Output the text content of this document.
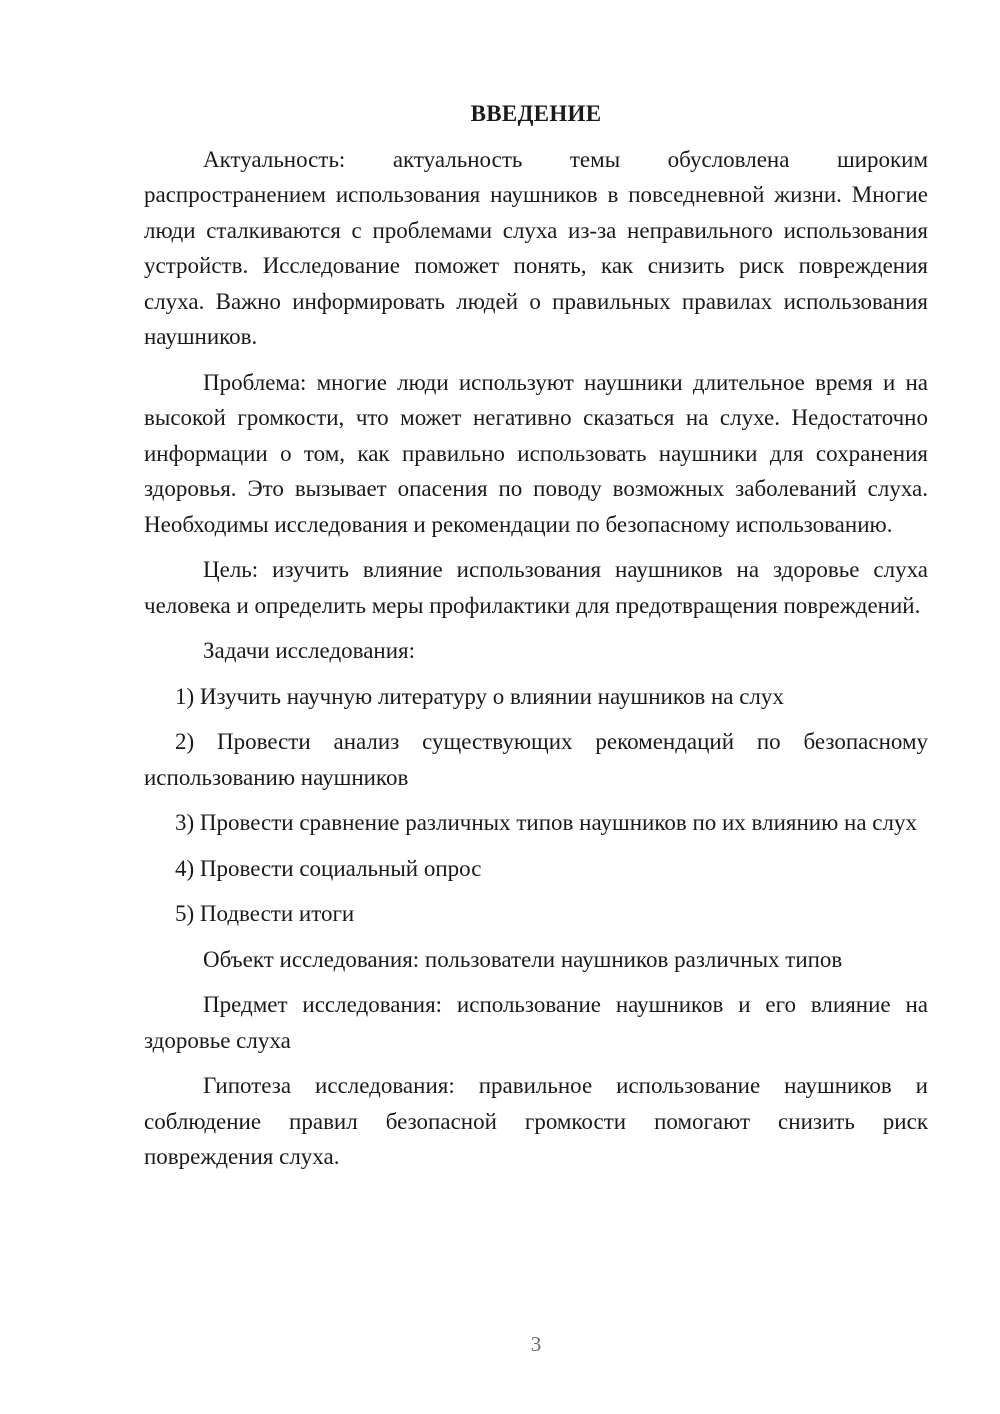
ВВЕДЕНИЕ

Актуальность: актуальность темы обусловлена широким распространением использования наушников в повседневной жизни. Многие люди сталкиваются с проблемами слуха из-за неправильного использования устройств. Исследование поможет понять, как снизить риск повреждения слуха. Важно информировать людей о правильных правилах использования наушников.

Проблема: многие люди используют наушники длительное время и на высокой громкости, что может негативно сказаться на слухе. Недостаточно информации о том, как правильно использовать наушники для сохранения здоровья. Это вызывает опасения по поводу возможных заболеваний слуха. Необходимы исследования и рекомендации по безопасному использованию.

Цель: изучить влияние использования наушников на здоровье слуха человека и определить меры профилактики для предотвращения повреждений.

Задачи исследования:

1) Изучить научную литературу о влиянии наушников на слух

2) Провести анализ существующих рекомендаций по безопасному использованию наушников

3) Провести сравнение различных типов наушников по их влиянию на слух

4) Провести социальный опрос

5) Подвести итоги

Объект исследования: пользователи наушников различных типов

Предмет исследования: использование наушников и его влияние на здоровье слуха

Гипотеза исследования: правильное использование наушников и соблюдение правил безопасной громкости помогают снизить риск повреждения слуха.

3
